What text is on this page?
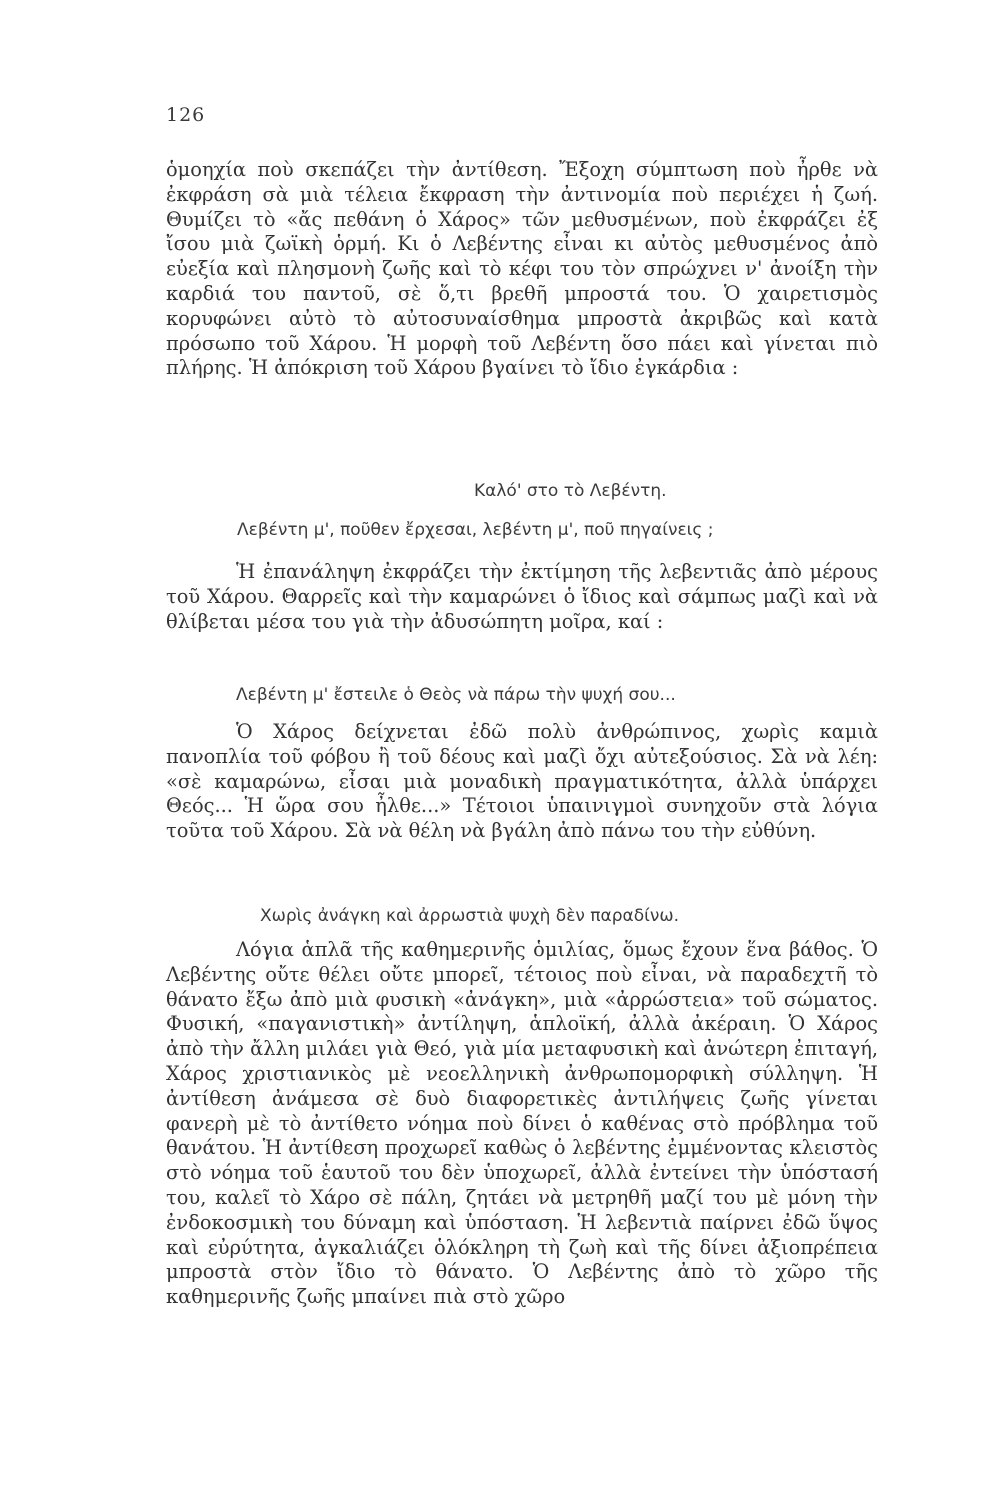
126

ὁμοηχία ποὺ σκεπάζει τὴν ἀντίθεση. Ἔξοχη σύμπτωση ποὺ ἦρθε νὰ ἐκφράση σὰ μιὰ τέλεια ἔκφραση τὴν ἀντινομία ποὺ περιέχει ἡ ζωή. Θυμίζει τὸ «ἄς πεθάνη ὁ Χάρος» τῶν μεθυσμένων, ποὺ ἐκφράζει ἐξ ἴσου μιὰ ζωϊκὴ ὁρμή. Κι ὁ Λεβέντης εἶναι κι αὐτὸς μεθυσμένος ἀπὸ εὐεξία καὶ πλησμονὴ ζωῆς καὶ τὸ κέφι του τὸν σπρώχνει ν' ἀνοίξη τὴν καρδιά του παντοῦ, σὲ ὅ,τι βρεθῆ μπροστά του. Ὁ χαιρετισμὸς κορυφώνει αὐτὸ τὸ αὐτοσυναίσθημα μπροστὰ ἀκριβῶς καὶ κατὰ πρόσωπο τοῦ Χάρου. Ἡ μορφὴ τοῦ Λεβέντη ὅσο πάει καὶ γίνεται πιὸ πλήρης. Ἡ ἀπόκριση τοῦ Χάρου βγαίνει τὸ ἴδιο ἐγκάρδια :

Καλό' στο τὸ Λεβέντη.

Λεβέντη μ', ποῦθεν ἔρχεσαι, λεβέντη μ', ποῦ πηγαίνεις ;

Ἡ ἐπανάληψη ἐκφράζει τὴν ἐκτίμηση τῆς λεβεντιᾶς ἀπὸ μέρους τοῦ Χάρου. Θαρρεῖς καὶ τὴν καμαρώνει ὁ ἴδιος καὶ σάμπως μαζὶ καὶ νὰ θλίβεται μέσα του γιὰ τὴν ἀδυσώπητη μοῖρα, καί :

Λεβέντη μ' ἔστειλε ὁ Θεὸς νὰ πάρω τὴν ψυχή σου...

Ὁ Χάρος δείχνεται ἐδῶ πολὺ ἀνθρώπινος, χωρὶς καμιὰ πανοπλία τοῦ φόβου ἢ τοῦ δέους καὶ μαζὶ ὄχι αὐτεξούσιος. Σὰ νὰ λέη: «σὲ καμαρώνω, εἶσαι μιὰ μοναδικὴ πραγματικότητα, ἀλλὰ ὑπάρχει Θεός... Ἡ ὥρα σου ἦλθε...» Τέτοιοι ὑπαινιγμοὶ συνηχοῦν στὰ λόγια τοῦτα τοῦ Χάρου. Σὰ νὰ θέλη νὰ βγάλη ἀπὸ πάνω του τὴν εὐθύνη.

Χωρὶς ἀνάγκη καὶ ἀρρωστιὰ ψυχὴ δὲν παραδίνω.

Λόγια ἁπλᾶ τῆς καθημερινῆς ὁμιλίας, ὅμως ἔχουν ἕνα βάθος. Ὁ Λεβέντης οὔτε θέλει οὔτε μπορεῖ, τέτοιος ποὺ εἶναι, νὰ παραδεχτῆ τὸ θάνατο ἔξω ἀπὸ μιὰ φυσικὴ «ἀνάγκη», μιὰ «ἀρρώστεια» τοῦ σώματος. Φυσική, «παγανιστικὴ» ἀντίληψη, ἁπλοϊκή, ἀλλὰ ἀκέραιη. Ὁ Χάρος ἀπὸ τὴν ἄλλη μιλάει γιὰ Θεό, γιὰ μία μεταφυσικὴ καὶ ἀνώτερη ἐπιταγή, Χάρος χριστιανικὸς μὲ νεοελληνικὴ ἀνθρωπομορφικὴ σύλληψη. Ἡ ἀντίθεση ἀνάμεσα σὲ δυὸ διαφορετικὲς ἀντιλήψεις ζωῆς γίνεται φανερὴ μὲ τὸ ἀντίθετο νόημα ποὺ δίνει ὁ καθένας στὸ πρόβλημα τοῦ θανάτου. Ἡ ἀντίθεση προχωρεῖ καθὼς ὁ λεβέντης ἐμμένοντας κλειστὸς στὸ νόημα τοῦ ἑαυτοῦ του δὲν ὑποχωρεῖ, ἀλλὰ ἐντείνει τὴν ὑπόστασή του, καλεῖ τὸ Χάρο σὲ πάλη, ζητάει νὰ μετρηθῆ μαζί του μὲ μόνη τὴν ἐνδοκοσμικὴ του δύναμη καὶ ὑπόσταση. Ἡ λεβεντιὰ παίρνει ἐδῶ ὕψος καὶ εὐρύτητα, ἀγκαλιάζει ὁλόκληρη τὴ ζωὴ καὶ τῆς δίνει ἀξιοπρέπεια μπροστὰ στὸν ἴδιο τὸ θάνατο. Ὁ Λεβέντης ἀπὸ τὸ χῶρο τῆς καθημερινῆς ζωῆς μπαίνει πιὰ στὸ χῶρο
